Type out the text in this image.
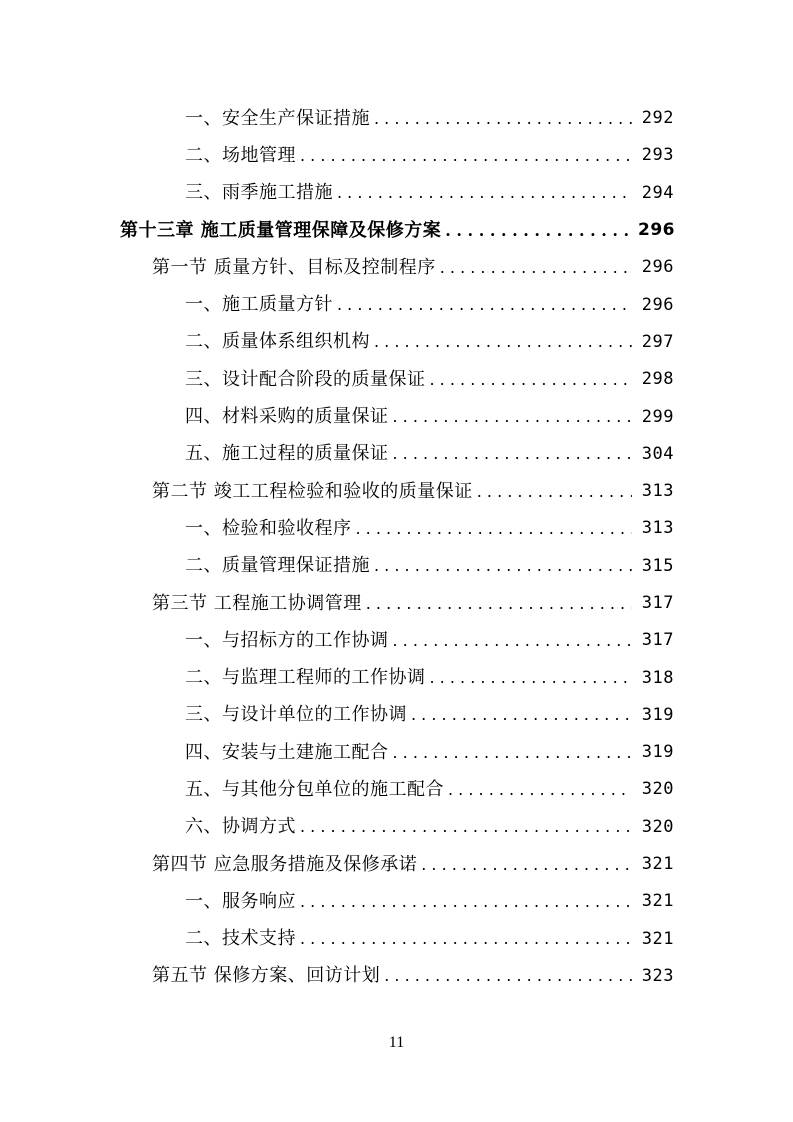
一、安全生产保证措施 . . .	292
二、场地管理 . . .	293
三、雨季施工措施 . . .	294
第十三章 施工质量管理保障及保修方案 . . .	296
第一节 质量方针、目标及控制程序 . . .	296
一、施工质量方针 . . .	296
二、质量体系组织机构 . . .	297
三、设计配合阶段的质量保证 . . .	298
四、材料采购的质量保证 . . .	299
五、施工过程的质量保证 . . .	304
第二节 竣工工程检验和验收的质量保证 . . .	313
一、检验和验收程序 . . .	313
二、质量管理保证措施 . . .	315
第三节 工程施工协调管理 . . .	317
一、与招标方的工作协调 . . .	317
二、与监理工程师的工作协调 . . .	318
三、与设计单位的工作协调 . . .	319
四、安装与土建施工配合 . . .	319
五、与其他分包单位的施工配合 . . .	320
六、协调方式 . . .	320
第四节 应急服务措施及保修承诺 . . .	321
一、服务响应 . . .	321
二、技术支持 . . .	321
第五节 保修方案、回访计划 . . .	323
11
